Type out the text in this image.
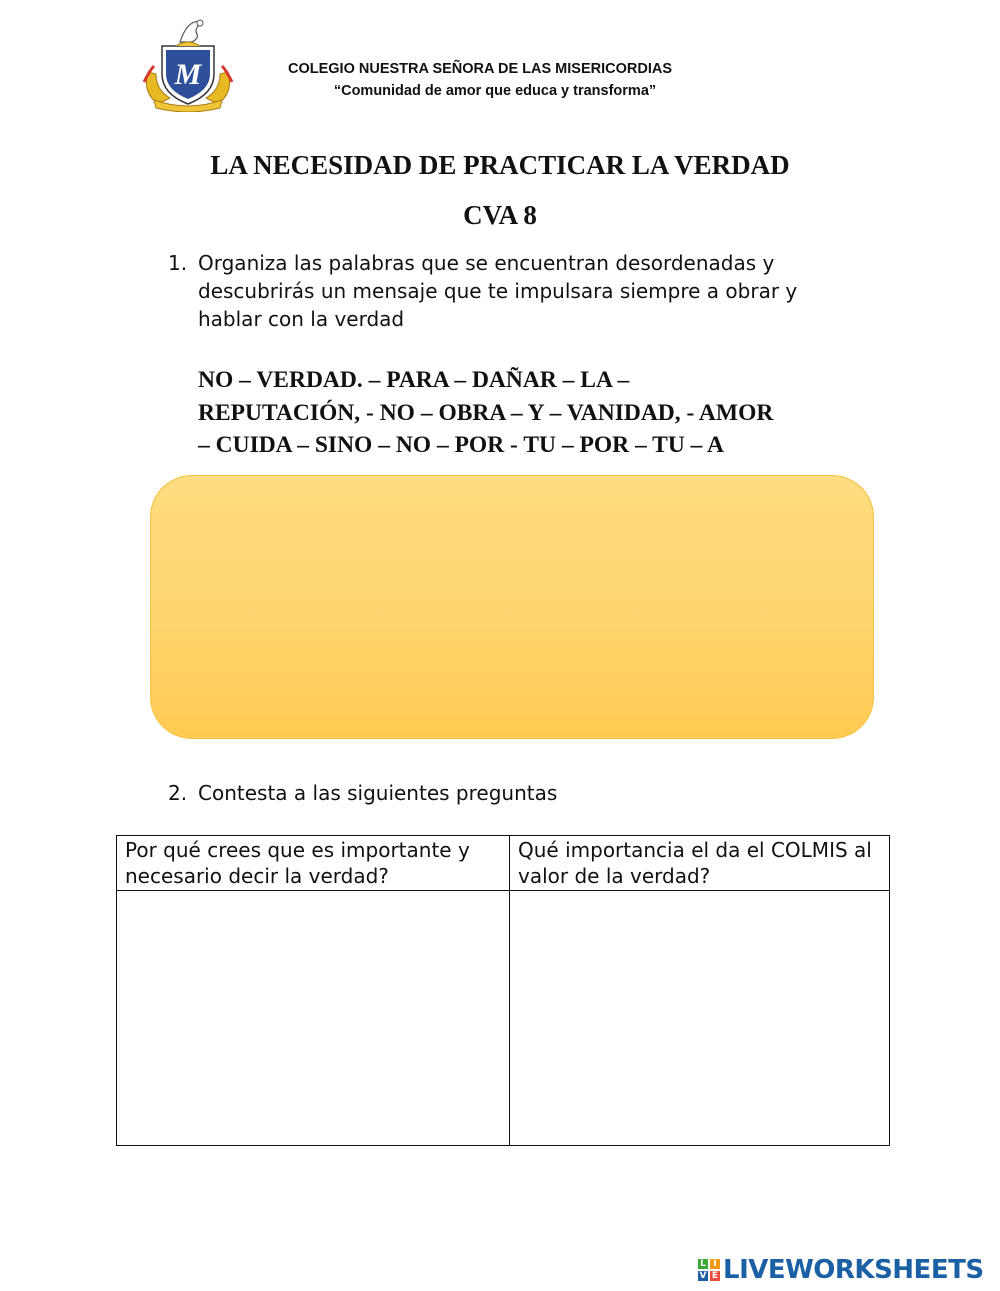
M	COLEGIO NUESTRA SEÑORA DE LAS MISERICORDIAS
“Comunidad de amor que educa y transforma”
LA NECESIDAD DE PRACTICAR LA VERDAD
CVA 8
1. Organiza las palabras que se encuentran desordenadas y descubrirás un mensaje que te impulsara siempre a obrar y hablar con la verdad
NO – VERDAD. – PARA – DAÑAR – LA –
REPUTACIÓN, - NO – OBRA – Y – VANIDAD, - AMOR
– CUIDA – SINO – NO – POR - TU – POR – TU – A
2. Contesta a las siguientes preguntas
Por qué crees que es importante y necesario decir la verdad?	Qué importancia el da el COLMIS al valor de la verdad?

L I
V E LIVEWORKSHEETS
